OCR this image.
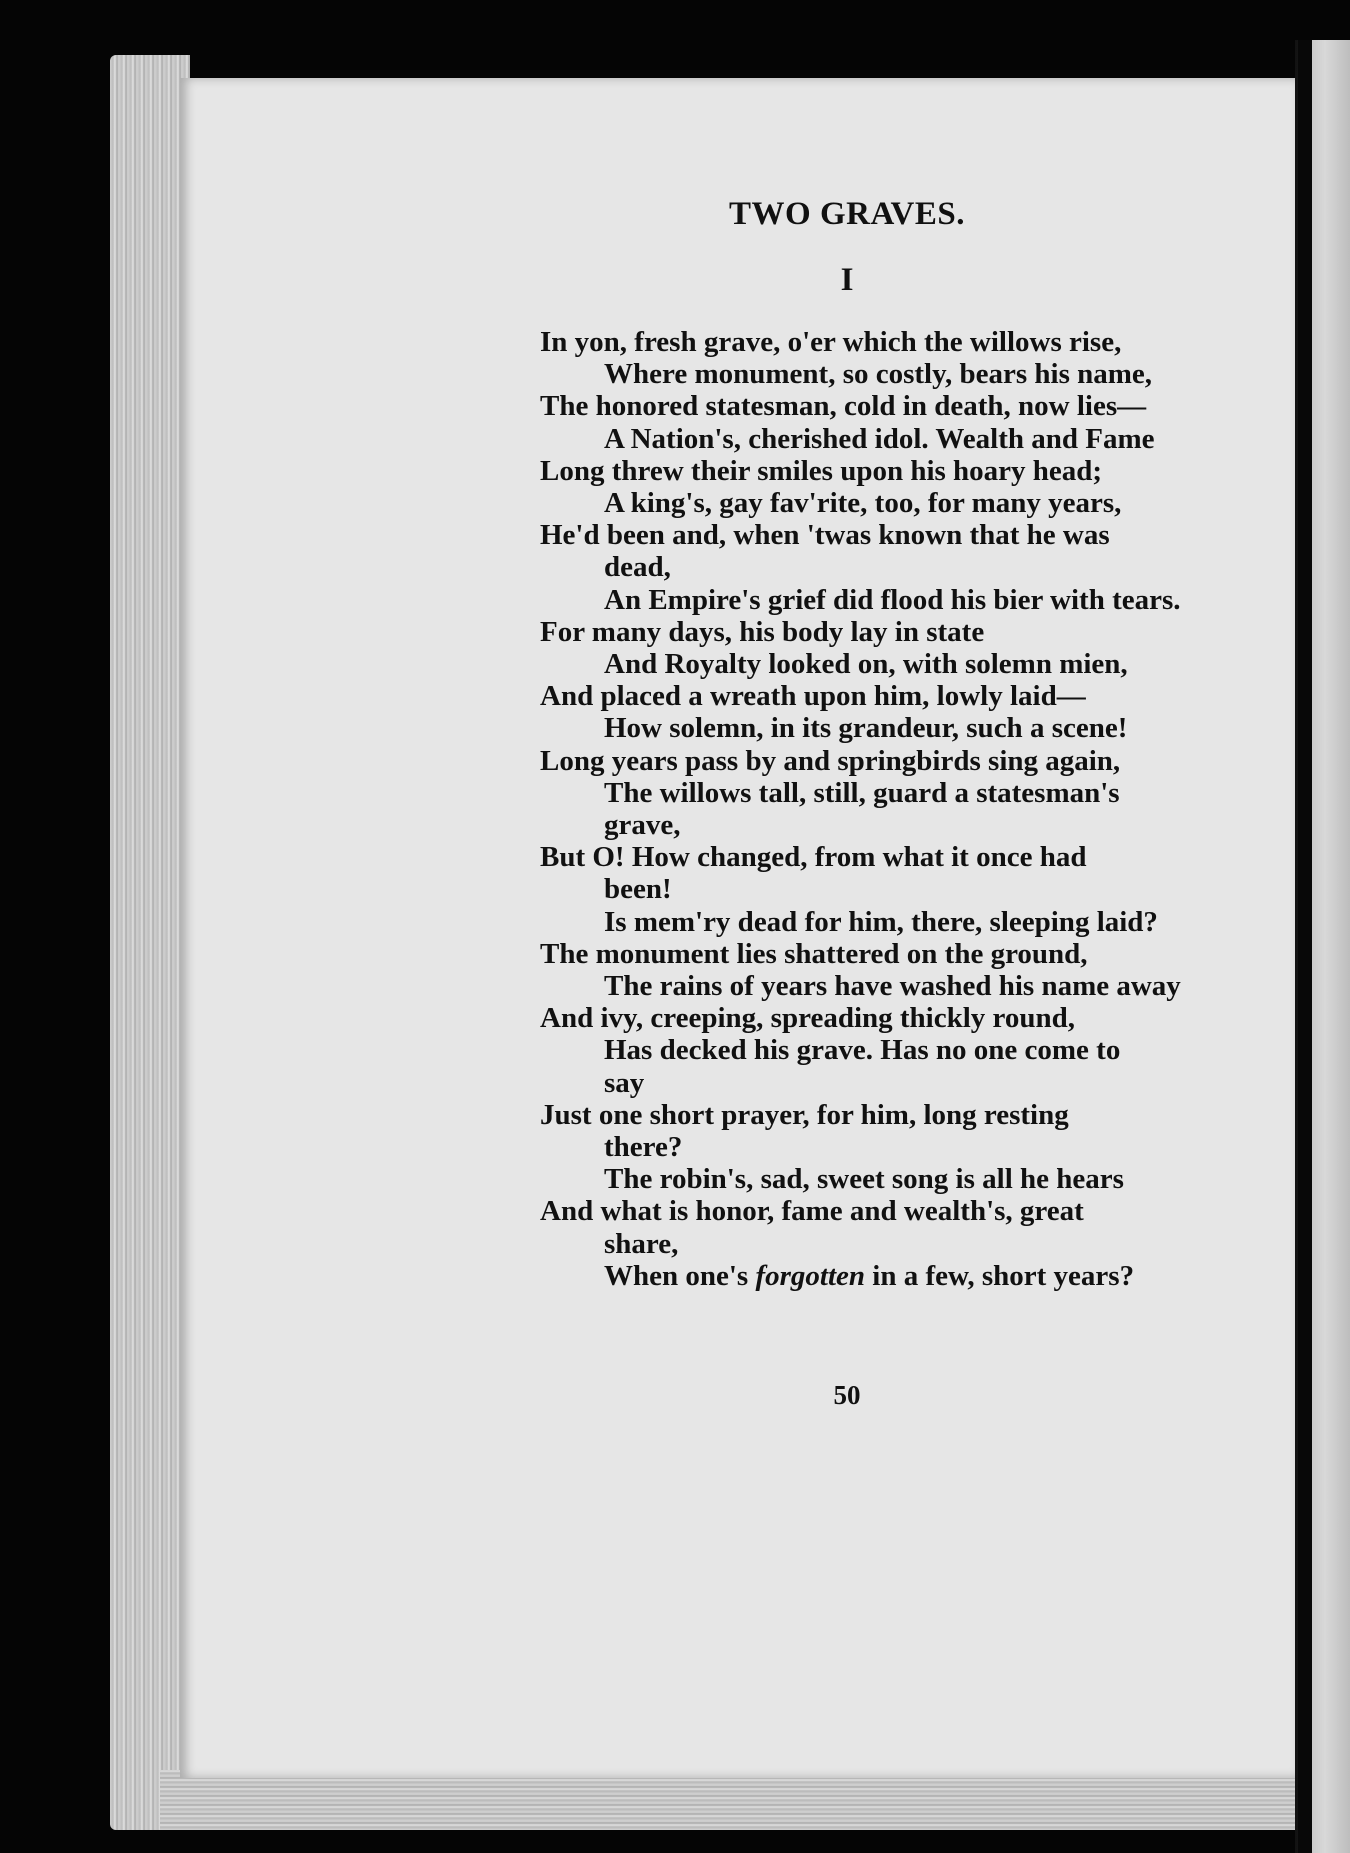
TWO GRAVES.
I
In yon, fresh grave, o'er which the willows rise,
Where monument, so costly, bears his name,
The honored statesman, cold in death, now lies—
A Nation's, cherished idol. Wealth and Fame
Long threw their smiles upon his hoary head;
A king's, gay fav'rite, too, for many years,
He'd been and, when 'twas known that he was
dead,
An Empire's grief did flood his bier with tears.
For many days, his body lay in state
And Royalty looked on, with solemn mien,
And placed a wreath upon him, lowly laid—
How solemn, in its grandeur, such a scene!
Long years pass by and springbirds sing again,
The willows tall, still, guard a statesman's
grave,
But O! How changed, from what it once had
been!
Is mem'ry dead for him, there, sleeping laid?
The monument lies shattered on the ground,
The rains of years have washed his name away
And ivy, creeping, spreading thickly round,
Has decked his grave. Has no one come to
say
Just one short prayer, for him, long resting
there?
The robin's, sad, sweet song is all he hears
And what is honor, fame and wealth's, great
share,
When one's forgotten in a few, short years?
50
